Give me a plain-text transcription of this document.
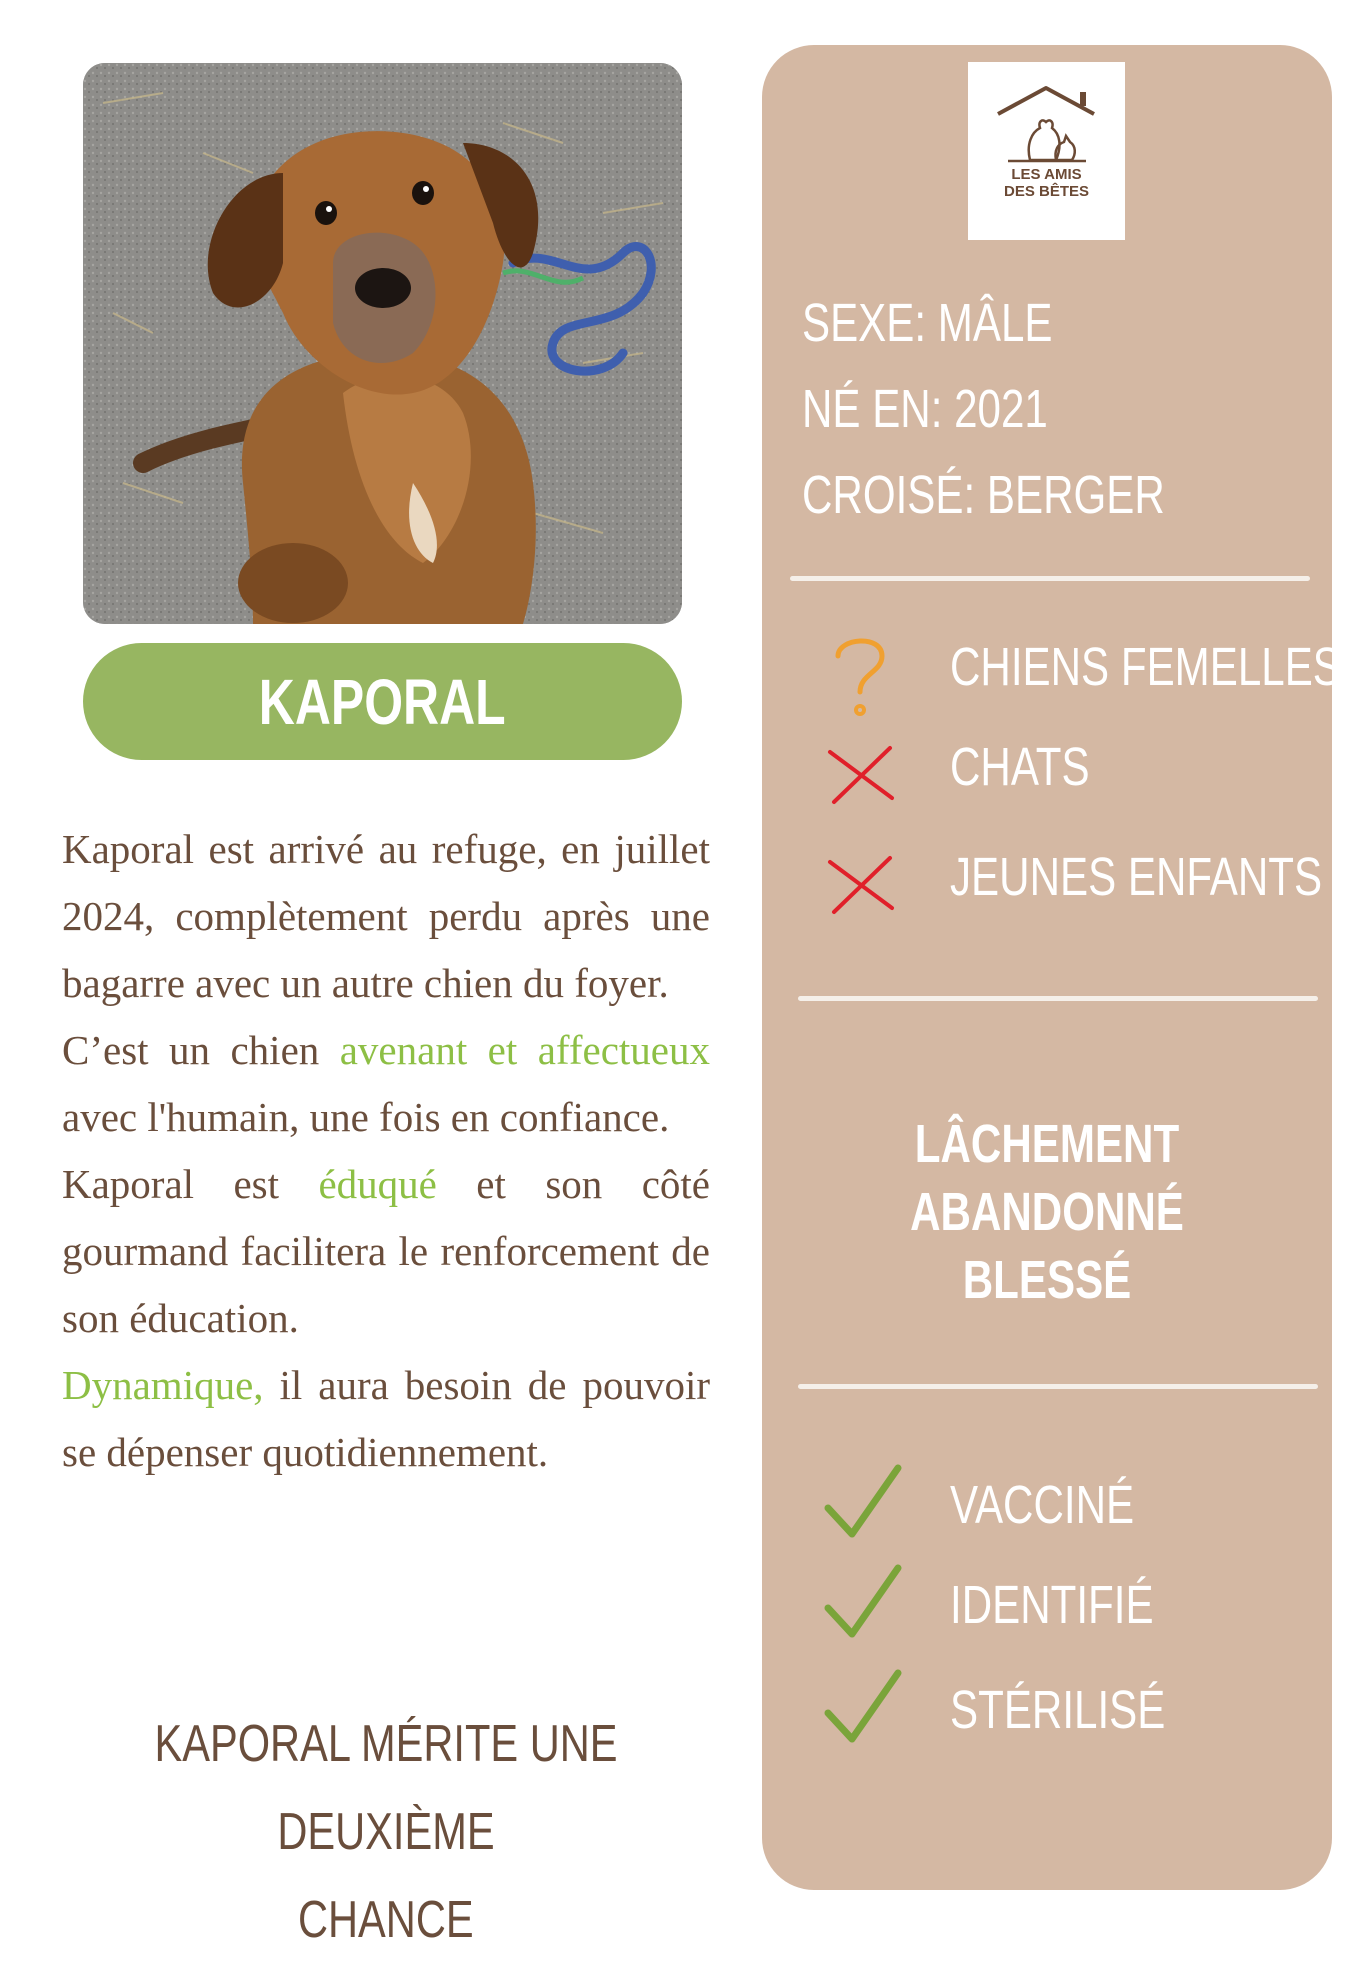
KAPORAL

Kaporal est arrivé au refuge, en juillet 2024, complètement perdu après une bagarre avec un autre chien du foyer.

C’est un chien avenant et affectueux avec l'humain, une fois en confiance.

Kaporal est éduqué et son côté gourmand facilitera le renforcement de son éducation.

Dynamique, il aura besoin de pouvoir se dépenser quotidiennement.

KAPORAL MÉRITE UNE DEUXIÈME
CHANCE
LES AMIS
DES BÊTES
SEXE: MÂLE
NÉ EN: 2021
CROISÉ: BERGER
CHIENS FEMELLES
CHATS
JEUNES ENFANTS
LÂCHEMENT ABANDONNÉ
BLESSÉ
VACCINÉ
IDENTIFIÉ
STÉRILISÉ
